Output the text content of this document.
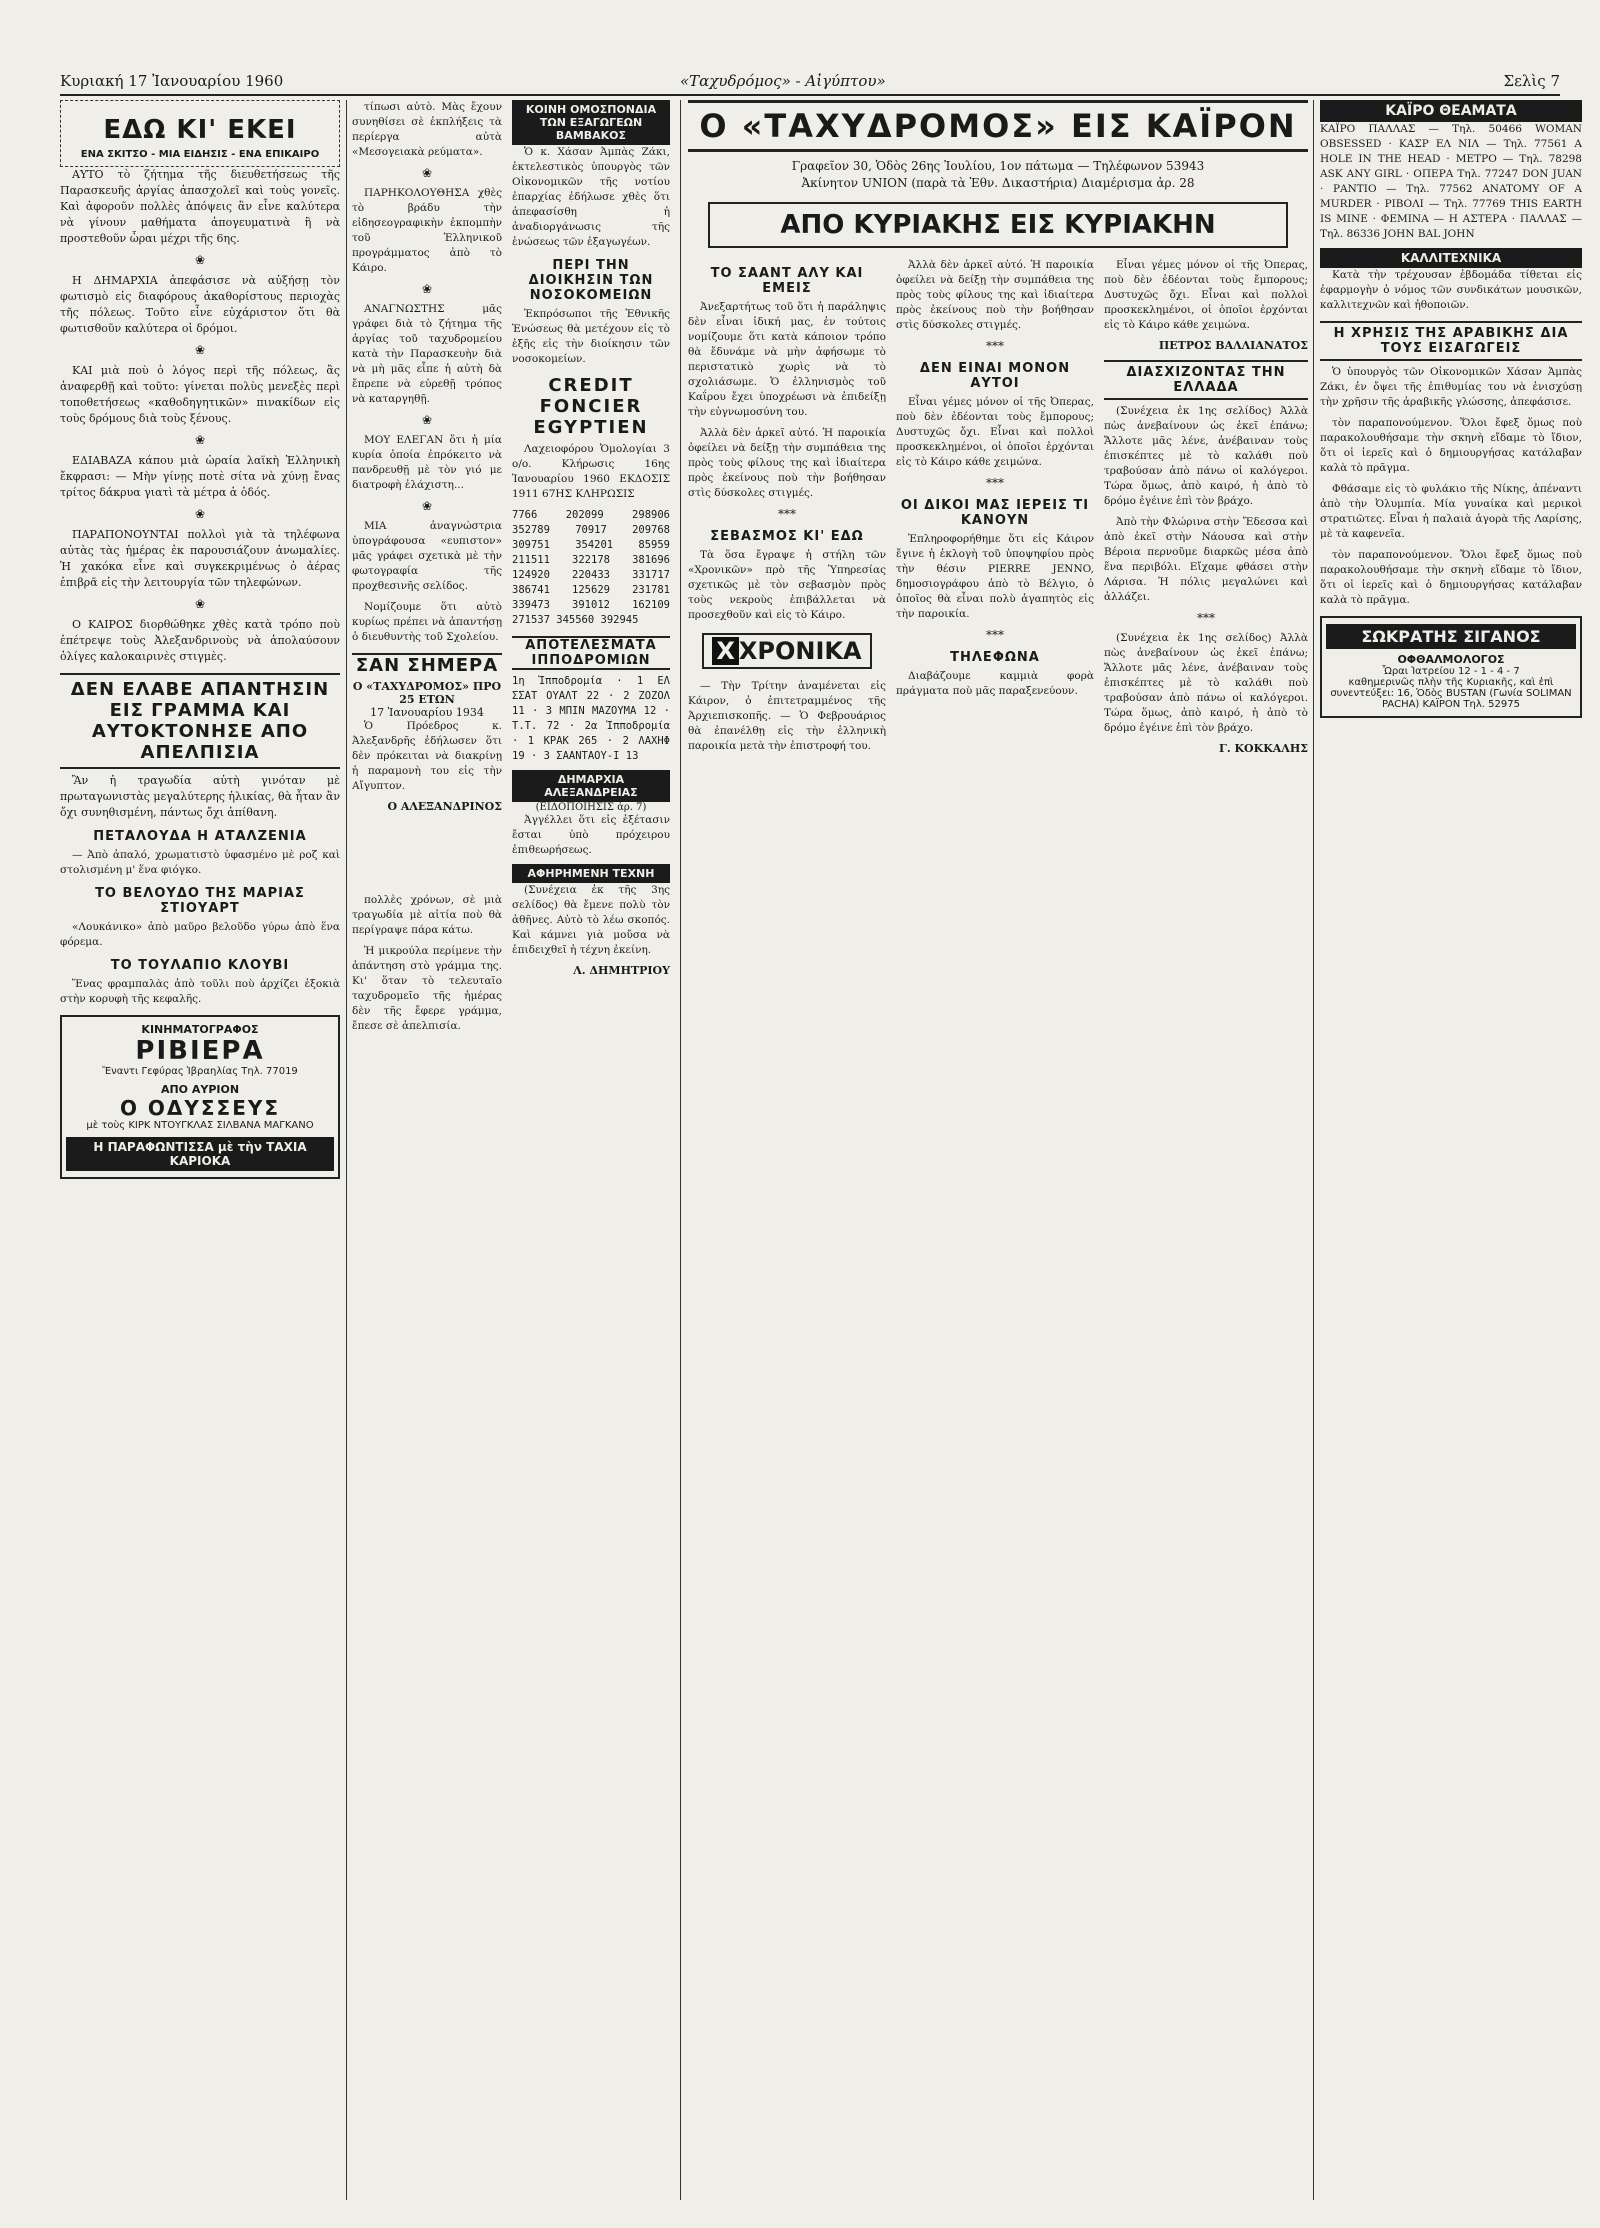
Κυριακή 17 Ἰανουαρίου 1960	«Ταχυδρόμος» - Αἰγύπτου»	Σελὶς 7
ΕΔΩ ΚΙ' ΕΚΕΙ
ΕΝΑ ΣΚΙΤΣΟ - ΜΙΑ ΕΙΔΗΣΙΣ - ΕΝΑ ΕΠΙΚΑΙΡΟ

ΑΥΤΟ τὸ ζήτημα τῆς διευθετήσεως τῆς Παρασκευῆς ἀργίας ἀπασχολεῖ καὶ τοὺς γονεῖς. Καὶ ἀφοροῦν πολλὲς ἀπόψεις ἂν εἶνε καλύτερα νὰ γίνουν μαθήματα ἀπογευματινὰ ἢ νὰ προστεθοῦν ὧραι μέχρι τῆς 6ης.

❀

Η ΔΗΜΑΡΧΙΑ ἀπεφάσισε νὰ αὐξήσῃ τὸν φωτισμὸ εἰς διαφόρους ἀκαθορίστους περιοχὰς τῆς πόλεως. Τοῦτο εἶνε εὐχάριστον ὅτι θὰ φωτισθοῦν καλύτερα οἱ δρόμοι.

❀

ΚΑΙ μιὰ ποὺ ὁ λόγος περὶ τῆς πόλεως, ἂς ἀναφερθῇ καὶ τοῦτο: γίνεται πολὺς μενεξὲς περὶ τοποθετήσεως «καθοδηγητικῶν» πινακίδων εἰς τοὺς δρόμους διὰ τοὺς ξένους.

❀

ΕΔΙΑΒΑΖΑ κάπου μιὰ ὡραία λαϊκὴ Ἑλληνικὴ ἔκφρασι: — Μὴν γίνῃς ποτὲ σίτα νὰ χύνῃ ἔνας τρίτος δάκρυα γιατὶ τὰ μέτρα ἁ ὁδός.

❀

ΠΑΡΑΠΟΝΟΥΝΤΑΙ πολλοὶ γιὰ τὰ τηλέφωνα αὐτὰς τὰς ἡμέρας ἐκ παρουσιάζουν ἀνωμαλίες. Ἡ χακόκα εἶνε καὶ συγκεκριμένως ὁ ἀέρας ἐπιβρᾶ εἰς τὴν λειτουργία τῶν τηλεφώνων.

❀

Ο ΚΑΙΡΟΣ διορθώθηκε χθὲς κατὰ τρόπο ποὺ ἐπέτρεψε τοὺς Ἀλεξανδρινοὺς νὰ ἀπολαύσουν ὀλίγες καλοκαιρινὲς στιγμὲς.

ΔΕΝ ΕΛΑΒΕ ΑΠΑΝΤΗΣΙΝ ΕΙΣ ΓΡΑΜΜΑ ΚΑΙ ΑΥΤΟΚΤΟΝΗΣΕ ΑΠΟ ΑΠΕΛΠΙΣΙΑ

Ἂν ἡ τραγωδία αὐτὴ γινόταν μὲ πρωταγωνιστὰς μεγαλύτερης ἡλικίας, θὰ ἦταν ἂν ὄχι συνηθισμένη, πάντως ὄχι ἀπίθανη.

ΠΕΤΑΛΟΥΔΑ Η ΑΤΑΛΖΕΝΙΑ

— Ἀπὸ ἀπαλό, χρωματιστὸ ὑφασμένο μὲ ροζ καὶ στολισμένη μ' ἕνα φιόγκο.

ΤΟ ΒΕΛΟΥΔΟ ΤΗΣ ΜΑΡΙΑΣ ΣΤΙΟΥΑΡΤ

«Λουκάνικο» ἀπὸ μαῦρο βελοῦδο γύρω ἀπὸ ἕνα φόρεμα.

ΤΟ ΤΟΥΛΑΠΙΟ ΚΛΟΥΒΙ

Ἕνας φραμπαλὰς ἀπὸ τοῦλι ποὺ ἀρχίζει ἐξοκιὰ στὴν κορυφὴ τῆς κεφαλῆς.

ΚΙΝΗΜΑΤΟΓΡΑΦΟΣ
ΡΙΒΙΕΡΑ
Ἔναντι Γεφύρας Ἰβραηλίας Τηλ. 77019
ΑΠΟ ΑΥΡΙΟΝ
Ο ΟΔΥΣΣΕΥΣ
μὲ τοὺς ΚΙΡΚ ΝΤΟΥΓΚΛΑΣ ΣΙΛΒΑΝΑ ΜΑΓΚΑΝΟ
Η ΠΑΡΑΦΩΝΤΙΣΣΑ μὲ τὴν ΤΑΧΙΑ ΚΑΡΙΟΚΑ

τίπωσι αὐτὸ. Μὰς ἔχουν συνηθίσει σὲ ἐκπλήξεις τὰ περίεργα αὐτὰ «Μεσογειακὰ ρεύματα».

❀

ΠΑΡΗΚΟΛΟΥΘΗΣΑ χθὲς τὸ βράδυ τὴν εἰδησεογραφικὴν ἐκπομπὴν τοῦ Ἑλληνικοῦ προγράμματος ἀπὸ τὸ Κάιρο.

❀

ΑΝΑΓΝΩΣΤΗΣ μᾶς γράφει διὰ τὸ ζήτημα τῆς ἀργίας τοῦ ταχυδρομείου κατὰ τὴν Παρασκευὴν διὰ νὰ μὴ μᾶς εἶπε ἡ αὐτὴ δὰ ἔπρεπε νὰ εὑρεθῇ τρόπος νὰ καταργηθῇ.

❀

ΜΟΥ ΕΛΕΓΑΝ ὅτι ἡ μία κυρία ὁποία ἐπρόκειτο νὰ πανδρευθῇ μὲ τὸν γιό με διατροφὴ ἐλάχιστη...

❀

ΜΙΑ ἀναγνώστρια ὑπογράφουσα «ευπιστον» μᾶς γράφει σχετικὰ μὲ τὴν φωτογραφία τῆς προχθεσινῆς σελίδος.

Νομίζουμε ὅτι αὐτὸ κυρίως πρέπει νὰ ἀπαντήσῃ ὁ διευθυντὴς τοῦ Σχολείου.

ΣΑΝ ΣΗΜΕΡΑ
Ο «ΤΑΧΥΔΡΟΜΟΣ» ΠΡΟ 25 ΕΤΩΝ
17 Ἰανουαρίου 1934

Ὁ Πρόεδρος κ. Ἀλεξανδρῆς ἐδήλωσεν ὅτι δὲν πρόκειται νὰ διακρίνῃ ἡ παραμονὴ του εἰς τὴν Αἴγυπτον.

Ο ΑΛΕΞΑΝΔΡΙΝΟΣ

πολλὲς χρόνων, σὲ μιὰ τραγωδία μὲ αἰτία ποὺ θὰ περίγραψε πάρα κάτω.

Ἡ μικρούλα περίμενε τὴν ἀπάντηση στὸ γράμμα της. Κι' ὅταν τὸ τελευταῖο ταχυδρομεῖο τῆς ἡμέρας δὲν τῆς ἔφερε γράμμα, ἔπεσε σὲ ἀπελπισία.

ΚΟΙΝΗ ΟΜΟΣΠΟΝΔΙΑ ΤΩΝ ΕΞΑΓΩΓΕΩΝ ΒΑΜΒΑΚΟΣ

Ὁ κ. Χάσαν Ἀμπὰς Ζάκι, ἐκτελεστικὸς ὑπουργὸς τῶν Οἰκονομικῶν τῆς νοτίου ἐπαρχίας ἐδήλωσε χθὲς ὅτι ἀπεφασίσθη ἡ ἀναδιοργάνωσις τῆς ἑνώσεως τῶν ἐξαγωγέων.

ΠΕΡΙ ΤΗΝ ΔΙΟΙΚΗΣΙΝ ΤΩΝ ΝΟΣΟΚΟΜΕΙΩΝ

Ἐκπρόσωποι τῆς Ἐθνικῆς Ἑνώσεως θὰ μετέχουν εἰς τὸ ἑξῆς εἰς τὴν διοίκησιν τῶν νοσοκομείων.

CREDIT FONCIER EGYPTIEN

Λαχειοφόρου Ὁμολογίαι 3 ο/ο. Κλήρωσις 16ης Ἰανουαρίου 1960 ΕΚΔΟΣΙΣ 1911 67ΗΣ ΚΛΗΡΩΣΙΣ

7766 202099 298906 352789 70917 209768 309751 354201 85959 211511 322178 381696 124920 220433 331717 386741 125629 231781 339473 391012 162109 271537 345560 392945

ΑΠΟΤΕΛΕΣΜΑΤΑ ΙΠΠΟΔΡΟΜΙΩΝ

1η Ἱπποδρομία · 1 ΕΛ ΣΣΑΤ ΟΥΑΛΤ 22 · 2 ΖΟΖΟΛ 11 · 3 ΜΠΙΝ ΜΑΖΟΥΜΑ 12 · Τ.Τ. 72 · 2α Ἱπποδρομία · 1 ΚΡΑΚ 265 · 2 ΛΑΧΗΦ 19 · 3 ΣΑΑΝΤΑΟΥ-Ι 13

ΔΗΜΑΡΧΙΑ ΑΛΕΞΑΝΔΡΕΙΑΣ
(ΕΙΔΟΠΟΙΗΣΙΣ ἀρ. 7)

Ἀγγέλλει ὅτι εἰς ἐξέτασιν ἔσται ὑπὸ πρόχειρου ἐπιθεωρήσεως.

ΑΦΗΡΗΜΕΝΗ ΤΕΧΝΗ

(Συνέχεια ἐκ τῆς 3ης σελίδος) θὰ ἔμενε πολὺ τὸν ἀθῆνες. Αὐτὸ τὸ λέω σκοπός. Καὶ κάμνει γιὰ μοὔσα νὰ ἐπιδειχθεῖ ἡ τέχνη ἐκείνη.

Λ. ΔΗΜΗΤΡΙΟΥ
Ο «ΤΑΧΥΔΡΟΜΟΣ» ΕΙΣ ΚΑΪΡΟΝ
Γραφεῖον 30, Ὁδὸς 26ης Ἰουλίου, 1ον πάτωμα — Τηλέφωνον 53943
Ἀκίνητον UNION (παρὰ τὰ Ἐθν. Δικαστήρια) Διαμέρισμα ἀρ. 28
ΑΠΟ ΚΥΡΙΑΚΗΣ ΕΙΣ ΚΥΡΙΑΚΗΝ
ΤΟ ΣΑΑΝΤ ΑΛΥ ΚΑΙ ΕΜΕΙΣ

Ἀνεξαρτήτως τοῦ ὅτι ἡ παράληψις δὲν εἶναι ἰδική μας, ἐν τούτοις νομίζουμε ὅτι κατὰ κάποιον τρόπο θὰ ἔδυνάμε νὰ μὴν ἀφήσωμε τὸ περιστατικὸ χωρὶς νὰ τὸ σχολιάσωμε. Ὁ ἐλληνισμὸς τοῦ Καΐρου ἔχει ὑποχρέωσι νὰ ἐπιδείξῃ τὴν εὐγνωμοσύνη του.

Ἀλλὰ δὲν ἀρκεῖ αὐτό. Ἡ παροικία ὀφείλει νὰ δείξῃ τὴν συμπάθεια της πρὸς τοὺς φίλους της καὶ ἰδιαίτερα πρὸς ἐκείνους ποὺ τὴν βοήθησαν στὶς δύσκολες στιγμές.

***
ΣΕΒΑΣΜΟΣ ΚΙ' ΕΔΩ

Τὰ ὅσα ἔγραψε ἡ στήλη τῶν «Χρονικῶν» πρὸ τῆς Ὑπηρεσίας σχετικῶς μὲ τὸν σεβασμὸν πρὸς τοὺς νεκροὺς ἐπιβάλλεται νὰ προσεχθοῦν καὶ εἰς τὸ Κάιρο.

X ΧΡΟΝΙΚΑ

— Τὴν Τρίτην ἀναμένεται εἰς Κάιρον, ὁ ἐπιτετραμμένος τῆς Ἀρχιεπισκοπῆς. — Ὁ Φεβρουάριος θὰ ἐπανέλθῃ εἰς τὴν ἑλληνικὴ παροικία μετὰ τὴν ἐπιστροφή του.

Ἀλλὰ δὲν ἀρκεῖ αὐτό. Ἡ παροικία ὀφείλει νὰ δείξῃ τὴν συμπάθεια της πρὸς τοὺς φίλους της καὶ ἰδιαίτερα πρὸς ἐκείνους ποὺ τὴν βοήθησαν στὶς δύσκολες στιγμές.

***
ΔΕΝ ΕΙΝΑΙ ΜΟΝΟΝ ΑΥΤΟΙ

Εἶναι γέμες μόνον οἱ τῆς Ὀπερας, ποὺ δὲν ἐδέονται τοὺς ἔμπορους; Δυστυχῶς ὄχι. Εἶναι καὶ πολλοὶ προσκεκλημένοι, οἱ ὁποῖοι ἐρχόνται εἰς τὸ Κάιρο κάθε χειμώνα.

***
ΟΙ ΔΙΚΟΙ ΜΑΣ ΙΕΡΕΙΣ ΤΙ ΚΑΝΟΥΝ

Ἐπληροφορήθημε ὅτι εἰς Κάιρον ἔγινε ἡ ἐκλογὴ τοῦ ὑποψηφίου πρὸς τὴν θέσιν PIERRE JENNO, δημοσιογράφου ἀπὸ τὸ Βέλγιο, ὁ ὁποῖος θὰ εἶναι πολὺ ἀγαπητὸς εἰς τὴν παροικία.

***
ΤΗΛΕΦΩΝΑ

Διαβάζουμε καμμιὰ φορὰ πράγματα ποὺ μᾶς παραξενεύουν.

Εἶναι γέμες μόνον οἱ τῆς Ὀπερας, ποὺ δὲν ἐδέονται τοὺς ἔμπορους; Δυστυχῶς ὄχι. Εἶναι καὶ πολλοὶ προσκεκλημένοι, οἱ ὁποῖοι ἐρχόνται εἰς τὸ Κάιρο κάθε χειμώνα.

ΠΕΤΡΟΣ ΒΑΛΛΙΑΝΑΤΟΣ
ΔΙΑΣΧΙΖΟΝΤΑΣ ΤΗΝ ΕΛΛΑΔΑ

(Συνέχεια ἐκ 1ης σελίδος) Ἀλλὰ πὼς ἀνεβαίνουν ὡς ἐκεῖ ἐπάνω; Ἄλλοτε μᾶς λένε, ἀνέβαιναν τοὺς ἐπισκέπτες μὲ τὸ καλάθι ποὺ τραβούσαν ἀπὸ πάνω οἱ καλόγεροι. Τώρα ὅμως, ἀπὸ καιρό, ἡ ἀπὸ τὸ δρόμο ἐγέινε ἐπὶ τὸν βράχο.

Ἀπὸ τὴν Φλώρινα στὴν Ἔδεσσα καὶ ἀπὸ ἐκεῖ στὴν Νάουσα καὶ στὴν Βέροια περνοῦμε διαρκῶς μέσα ἀπὸ ἕνα περιβόλι. Εἴχαμε φθάσει στὴν Λάρισα. Ἡ πόλις μεγαλώνει καὶ ἀλλάζει.

***

(Συνέχεια ἐκ 1ης σελίδος) Ἀλλὰ πὼς ἀνεβαίνουν ὡς ἐκεῖ ἐπάνω; Ἄλλοτε μᾶς λένε, ἀνέβαιναν τοὺς ἐπισκέπτες μὲ τὸ καλάθι ποὺ τραβούσαν ἀπὸ πάνω οἱ καλόγεροι. Τώρα ὅμως, ἀπὸ καιρό, ἡ ἀπὸ τὸ δρόμο ἐγέινε ἐπὶ τὸν βράχο.

Γ. ΚΟΚΚΑΛΗΣ
ΚΑΪΡΟ ΘΕΑΜΑΤΑ

ΚΑΪΡΟ ΠΑΛΛΑΣ — Τηλ. 50466 WOMAN OBSESSED · ΚΑΣΡ ΕΛ ΝΙΛ — Τηλ. 77561 A HOLE IN THE HEAD · ΜΕΤΡΟ — Τηλ. 78298 ASK ANY GIRL · ΟΠΕΡΑ Τηλ. 77247 DON JUAN · ΡΑΝΤΙΟ — Τηλ. 77562 ANATOMY OF A MURDER · ΡΙΒΟΛΙ — Τηλ. 77769 THIS EARTH IS MINE · ΦΕΜΙΝΑ — Η ΑΣΤΕΡΑ · ΠΑΛΛΑΣ — Τηλ. 86336 JOHN BAL JOHN

ΚΑΛΛΙΤΕΧΝΙΚΑ

Κατὰ τὴν τρέχουσαν ἑβδομάδα τίθεται εἰς ἐφαρμογὴν ὁ νόμος τῶν συνδικάτων μουσικῶν, καλλιτεχνῶν καὶ ἠθοποιῶν.

Η ΧΡΗΣΙΣ ΤΗΣ ΑΡΑΒΙΚΗΣ ΔΙΑ ΤΟΥΣ ΕΙΣΑΓΩΓΕΙΣ

Ὁ ὑπουργὸς τῶν Οἰκονομικῶν Χάσαν Ἀμπὰς Ζάκι, ἐν ὄψει τῆς ἐπιθυμίας του νὰ ἐνισχύσῃ τὴν χρῆσιν τῆς ἀραβικῆς γλώσσης, ἀπεφάσισε.

τὸν παραπονούμενον. Ὅλοι ἔφεξ ὅμως ποὺ παρακολουθήσαμε τὴν σκηνὴ εἴδαμε τὸ ἴδιον, ὅτι οἱ ἱερεῖς καὶ ὁ δημιουργήσας κατάλαβαν καλὰ τὸ πρᾶγμα.

Φθάσαμε εἰς τὸ φυλάκιο τῆς Νίκης, ἀπέναντι ἀπὸ τὴν Ὀλυμπία. Μία γυναίκα καὶ μερικοὶ στρατιῶτες. Εἶναι ἡ παλαιὰ ἀγορὰ τῆς Λαρίσης, μὲ τὰ καφενεῖα.

τὸν παραπονούμενον. Ὅλοι ἔφεξ ὅμως ποὺ παρακολουθήσαμε τὴν σκηνὴ εἴδαμε τὸ ἴδιον, ὅτι οἱ ἱερεῖς καὶ ὁ δημιουργήσας κατάλαβαν καλὰ τὸ πρᾶγμα.

ΣΩΚΡΑΤΗΣ ΣΙΓΑΝΟΣ
ΟΦΘΑΛΜΟΛΟΓΟΣ
Ὧραι Ἰατρείου 12 - 1 - 4 - 7
καθημερινῶς πλὴν τῆς Κυριακῆς, καὶ ἐπὶ συνεντεύξει: 16, Ὁδὸς BUSTAN (Γωνία SOLIMAN PACHA) ΚΑΪΡΟΝ Τηλ. 52975
